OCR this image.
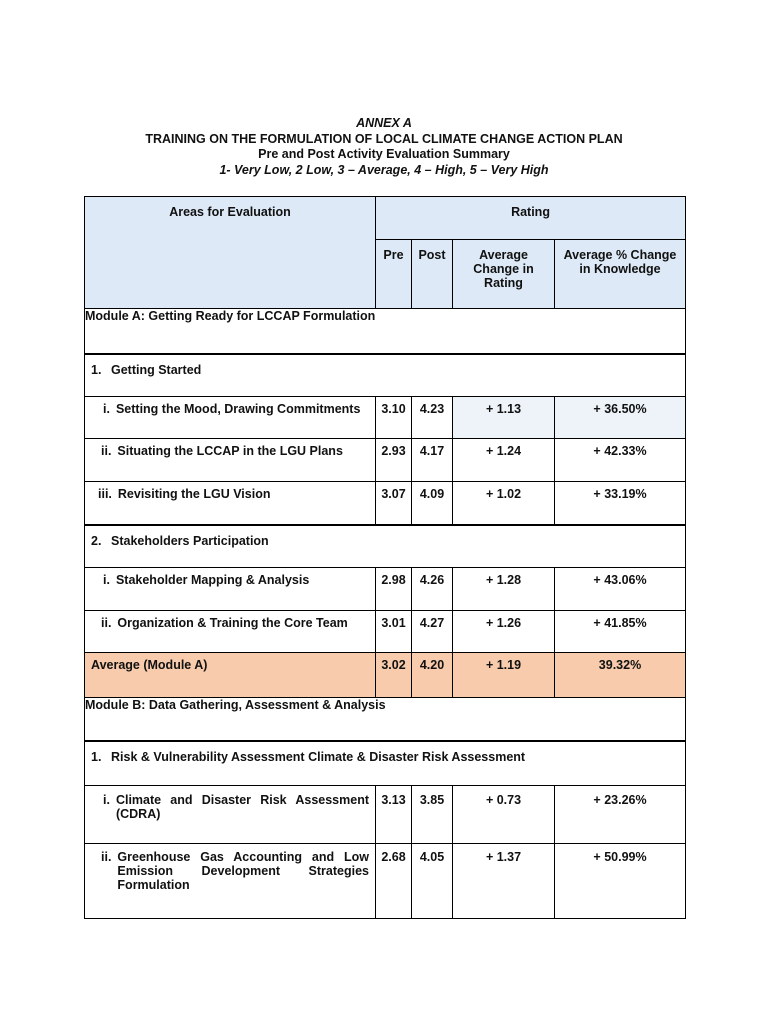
ANNEX A
TRAINING ON THE FORMULATION OF LOCAL CLIMATE CHANGE ACTION PLAN
Pre and Post Activity Evaluation Summary
1- Very Low, 2 Low, 3 – Average, 4 – High, 5 – Very High
Areas for Evaluation	Rating			
	Pre	Post	Average Change in Rating	Average % Change in Knowledge
Module A: Getting Ready for LCCAP Formulation				

1. Getting Started				

i. Setting the Mood, Drawing Commitments	3.10	4.23	+ 1.13	+ 36.50%

ii. Situating the LCCAP in the LGU Plans	2.93	4.17	+ 1.24	+ 42.33%

iii. Revisiting the LGU Vision	3.07	4.09	+ 1.02	+ 33.19%

2. Stakeholders Participation				

i. Stakeholder Mapping & Analysis	2.98	4.26	+ 1.28	+ 43.06%

ii. Organization & Training the Core Team	3.01	4.27	+ 1.26	+ 41.85%

Average (Module A)	3.02	4.20	+ 1.19	39.32%
Module B: Data Gathering, Assessment & Analysis				

1. Risk & Vulnerability Assessment Climate & Disaster Risk Assessment				

i. Climate and Disaster Risk Assessment (CDRA)	3.13	3.85	+ 0.73	+ 23.26%

ii. Greenhouse Gas Accounting and Low Emission Development Strategies Formulation	2.68	4.05	+ 1.37	+ 50.99%
